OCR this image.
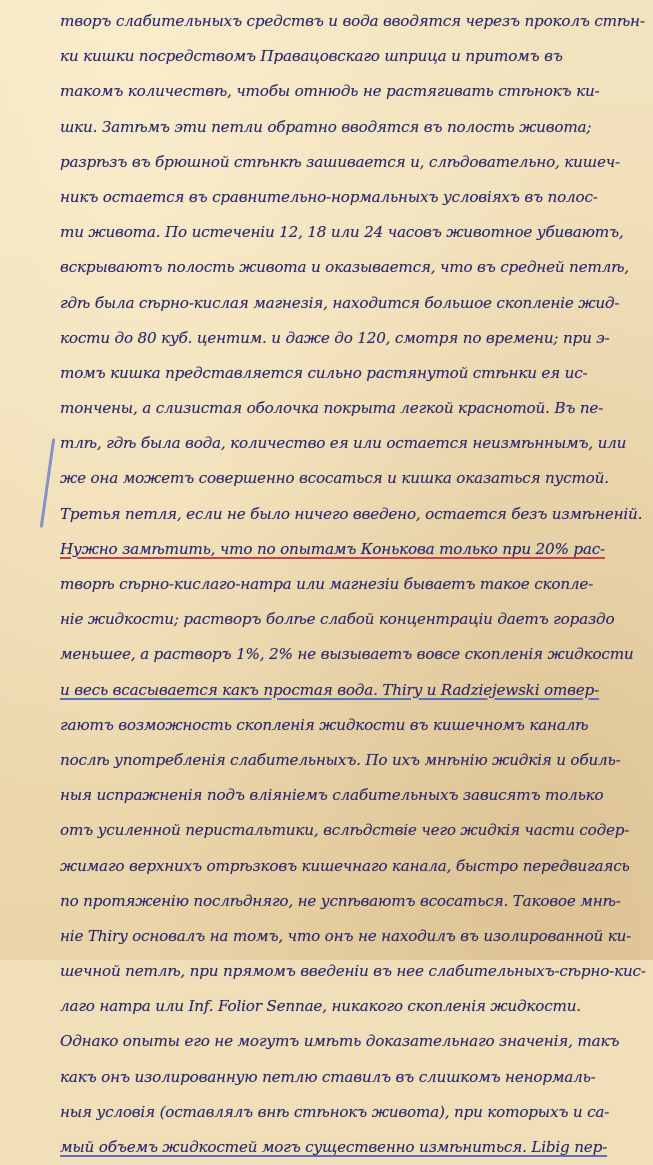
творъ слабительныхъ средствъ и вода вводятся черезъ проколъ стѣн-
ки кишки посредствомъ Правацовскаго шприца и притомъ въ
такомъ количествѣ, чтобы отнюдь не растягивать стѣнокъ ки-
шки. Затѣмъ эти петли обратно вводятся въ полость живота;
разрѣзъ въ брюшной стѣнкѣ зашивается и, слѣдовательно, кишеч-
никъ остается въ сравнительно-нормальныхъ условіяхъ въ полос-
ти живота. По истеченіи 12, 18 или 24 часовъ животное убиваютъ,
вскрываютъ полость живота и оказывается, что въ средней петлѣ,
гдѣ была сѣрно-кислая магнезія, находится большое скопленіе жид-
кости до 80 куб. центим. и даже до 120, смотря по времени; при э-
томъ кишка представляется сильно растянутой стѣнки ея ис-
тончены, а слизистая оболочка покрыта легкой краснотой. Въ пе-
тлѣ, гдѣ была вода, количество ея или остается неизмѣннымъ, или
же она можетъ совершенно всосаться и кишка оказаться пустой.
Третья петля, если не было ничего введено, остается безъ измѣненій.
Нужно замѣтить, что по опытамъ Конькова только при 20% рас-
творѣ сѣрно-кислаго-натра или магнезіи бываетъ такое скопле-
ніе жидкости; растворъ болѣе слабой концентраціи даетъ гораздо
меньшее, а растворъ 1%, 2% не вызываетъ вовсе скопленія жидкости
и весь всасывается какъ простая вода. Thiry и Radziejewski отвер-
гаютъ возможность скопленія жидкости въ кишечномъ каналѣ
послѣ употребленія слабительныхъ. По ихъ мнѣнію жидкія и обиль-
ныя испражненія подъ вліяніемъ слабительныхъ зависятъ только
отъ усиленной перистальтики, вслѣдствіе чего жидкія части содер-
жимаго верхнихъ отрѣзковъ кишечнаго канала, быстро передвигаясь
по протяженію послѣдняго, не успѣваютъ всосаться. Таковое мнѣ-
ніе Thiry основалъ на томъ, что онъ не находилъ въ изолированной ки-
шечной петлѣ, при прямомъ введеніи въ нее слабительныхъ-сѣрно-кис-
лаго натра или Inf. Folior Sennae, никакого скопленія жидкости.
Однако опыты его не могутъ имѣть доказательнаго значенія, такъ
какъ онъ изолированную петлю ставилъ въ слишкомъ ненормаль-
ныя условія (оставлялъ внѣ стѣнокъ живота), при которыхъ и са-
мый объемъ жидкостей могъ существенно измѣниться. Libig пер-
